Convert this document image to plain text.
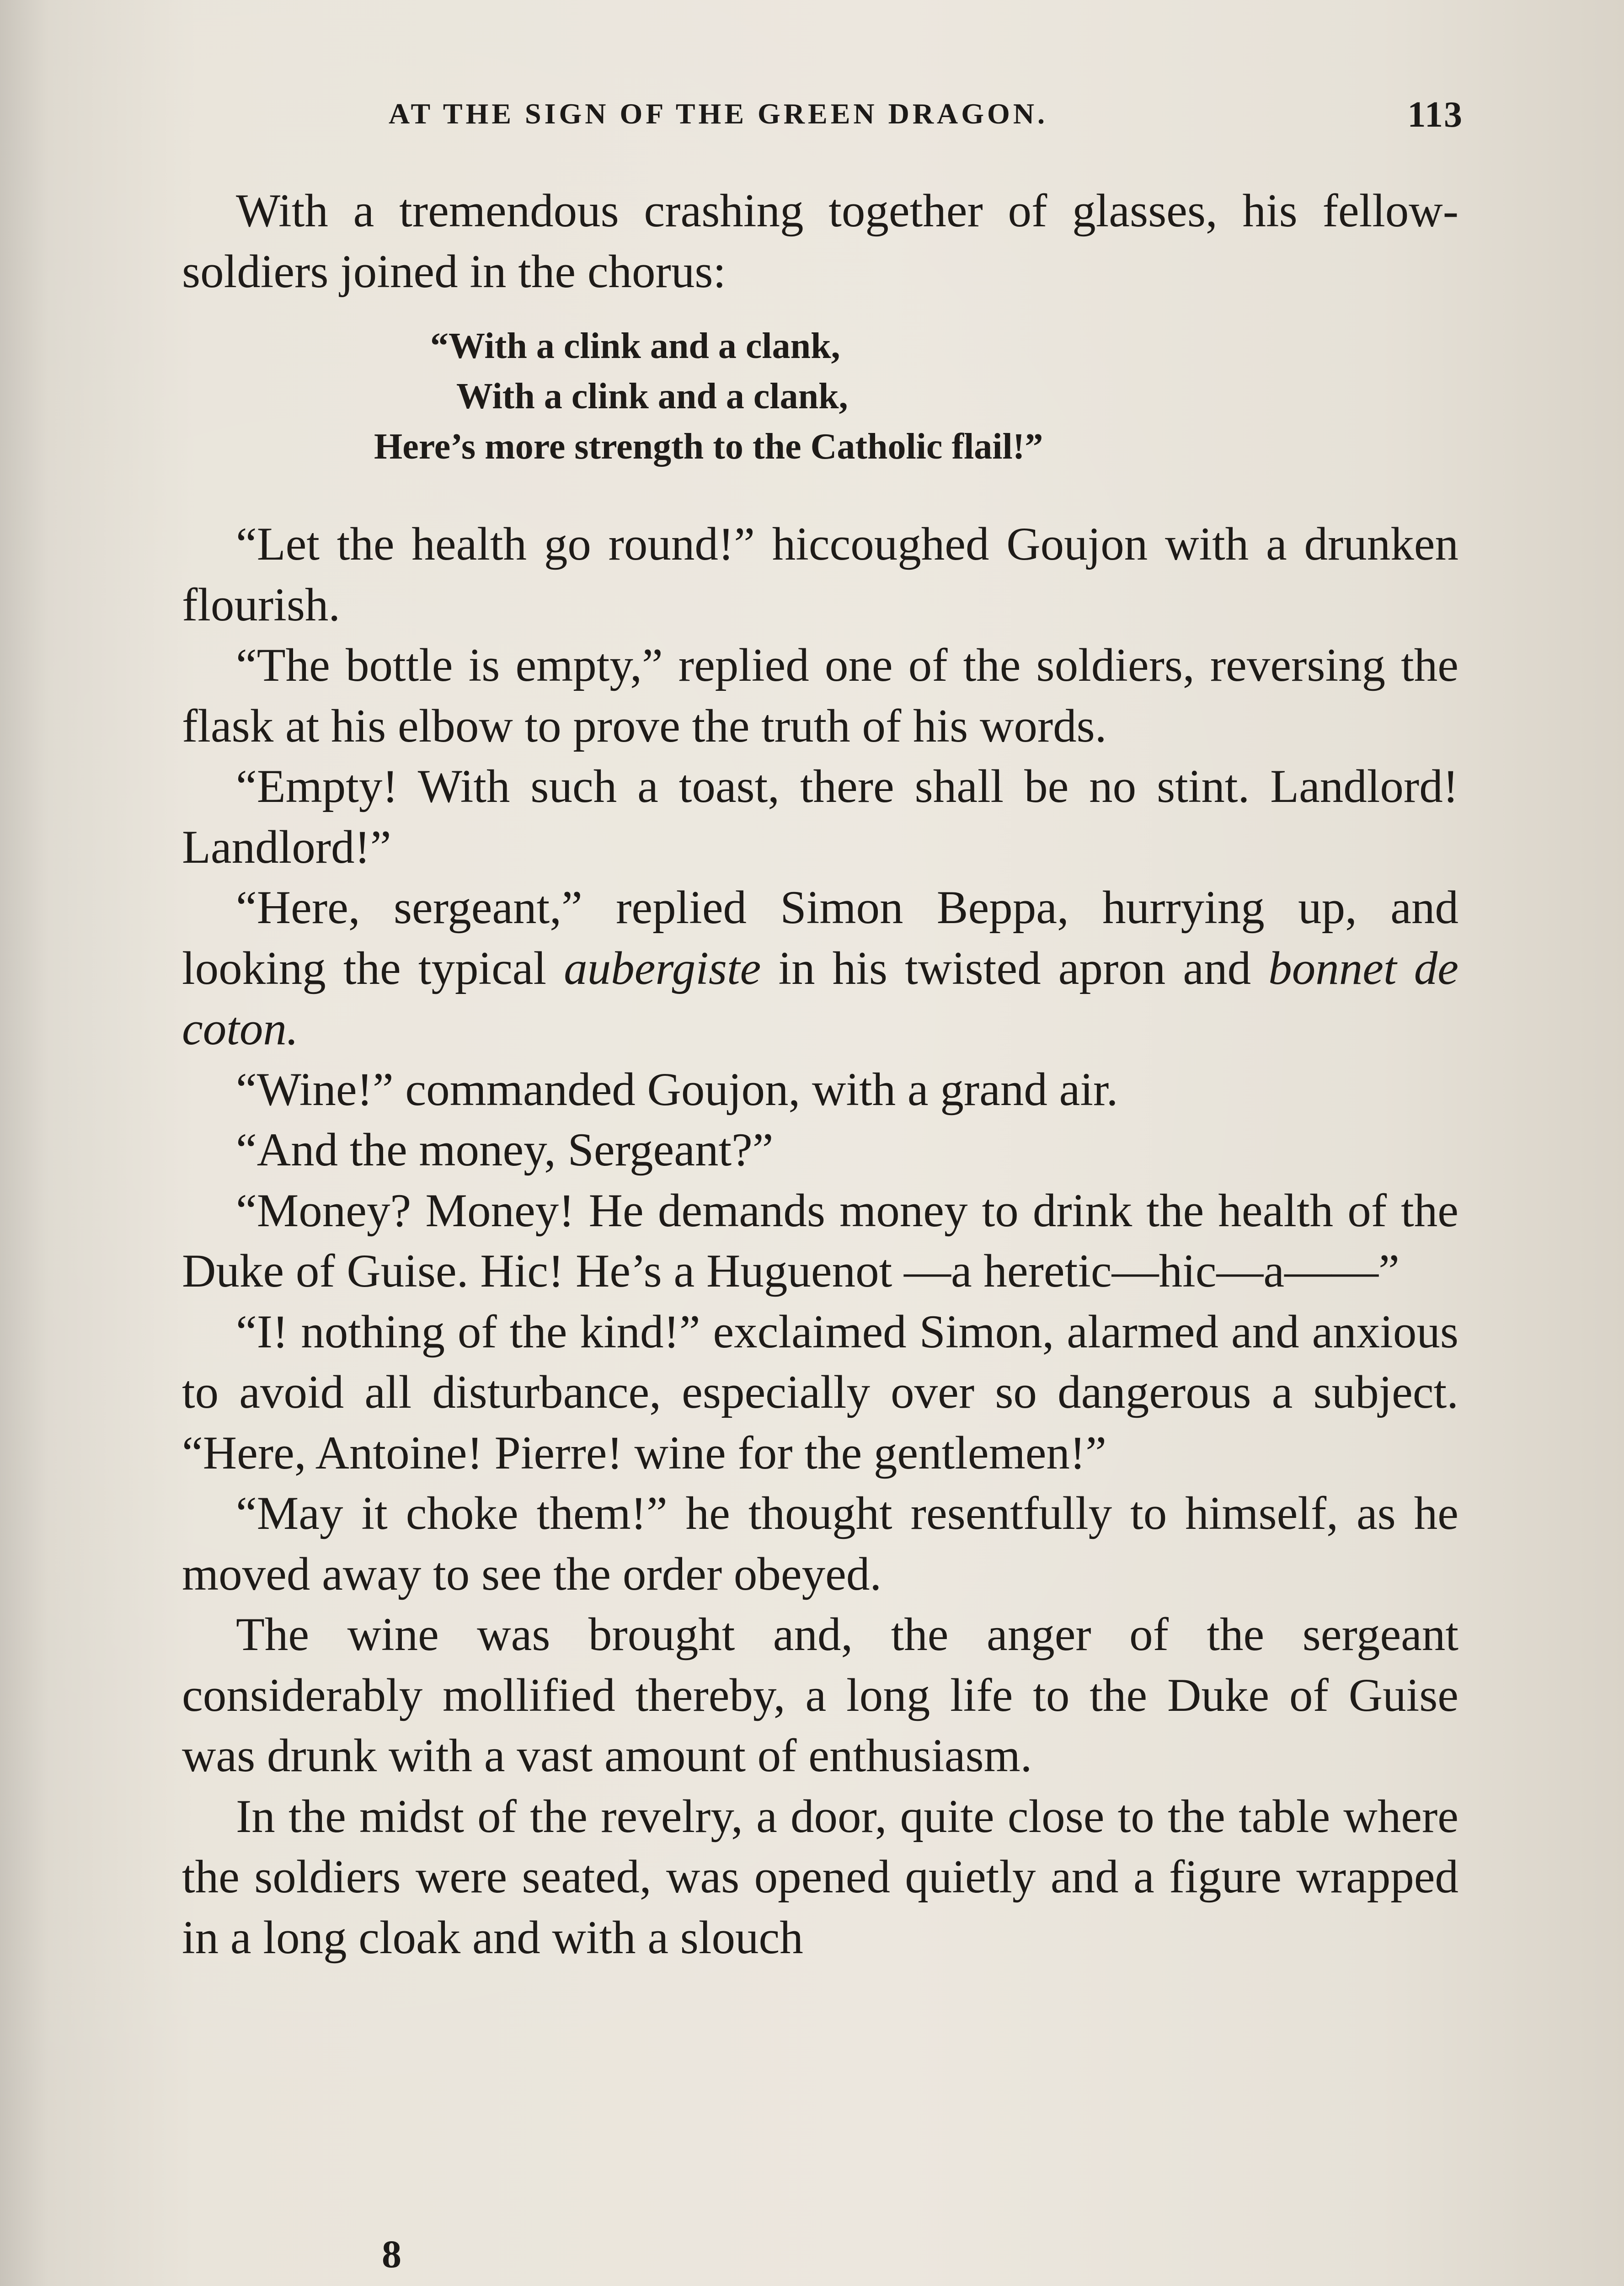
AT THE SIGN OF THE GREEN DRAGON.	113

With a tremendous crashing together of glasses, his fellow-soldiers joined in the chorus:

“With a clink and a clank,
With a clink and a clank,
Here’s more strength to the Catholic flail!”

“Let the health go round!” hiccoughed Goujon with a drunken flourish.

“The bottle is empty,” replied one of the soldiers, reversing the flask at his elbow to prove the truth of his words.

“Empty! With such a toast, there shall be no stint. Landlord! Landlord!”

“Here, sergeant,” replied Simon Beppa, hurrying up, and looking the typical aubergiste in his twisted apron and bonnet de coton.

“Wine!” commanded Goujon, with a grand air.

“And the money, Sergeant?”

“Money? Money! He demands money to drink the health of the Duke of Guise. Hic! He’s a Huguenot —a heretic—hic—a——”

“I! nothing of the kind!” exclaimed Simon, alarmed and anxious to avoid all disturbance, especially over so dangerous a subject. “Here, Antoine! Pierre! wine for the gentlemen!”

“May it choke them!” he thought resentfully to himself, as he moved away to see the order obeyed.

The wine was brought and, the anger of the sergeant considerably mollified thereby, a long life to the Duke of Guise was drunk with a vast amount of enthusiasm.

In the midst of the revelry, a door, quite close to the table where the soldiers were seated, was opened quietly and a figure wrapped in a long cloak and with a slouch

8
